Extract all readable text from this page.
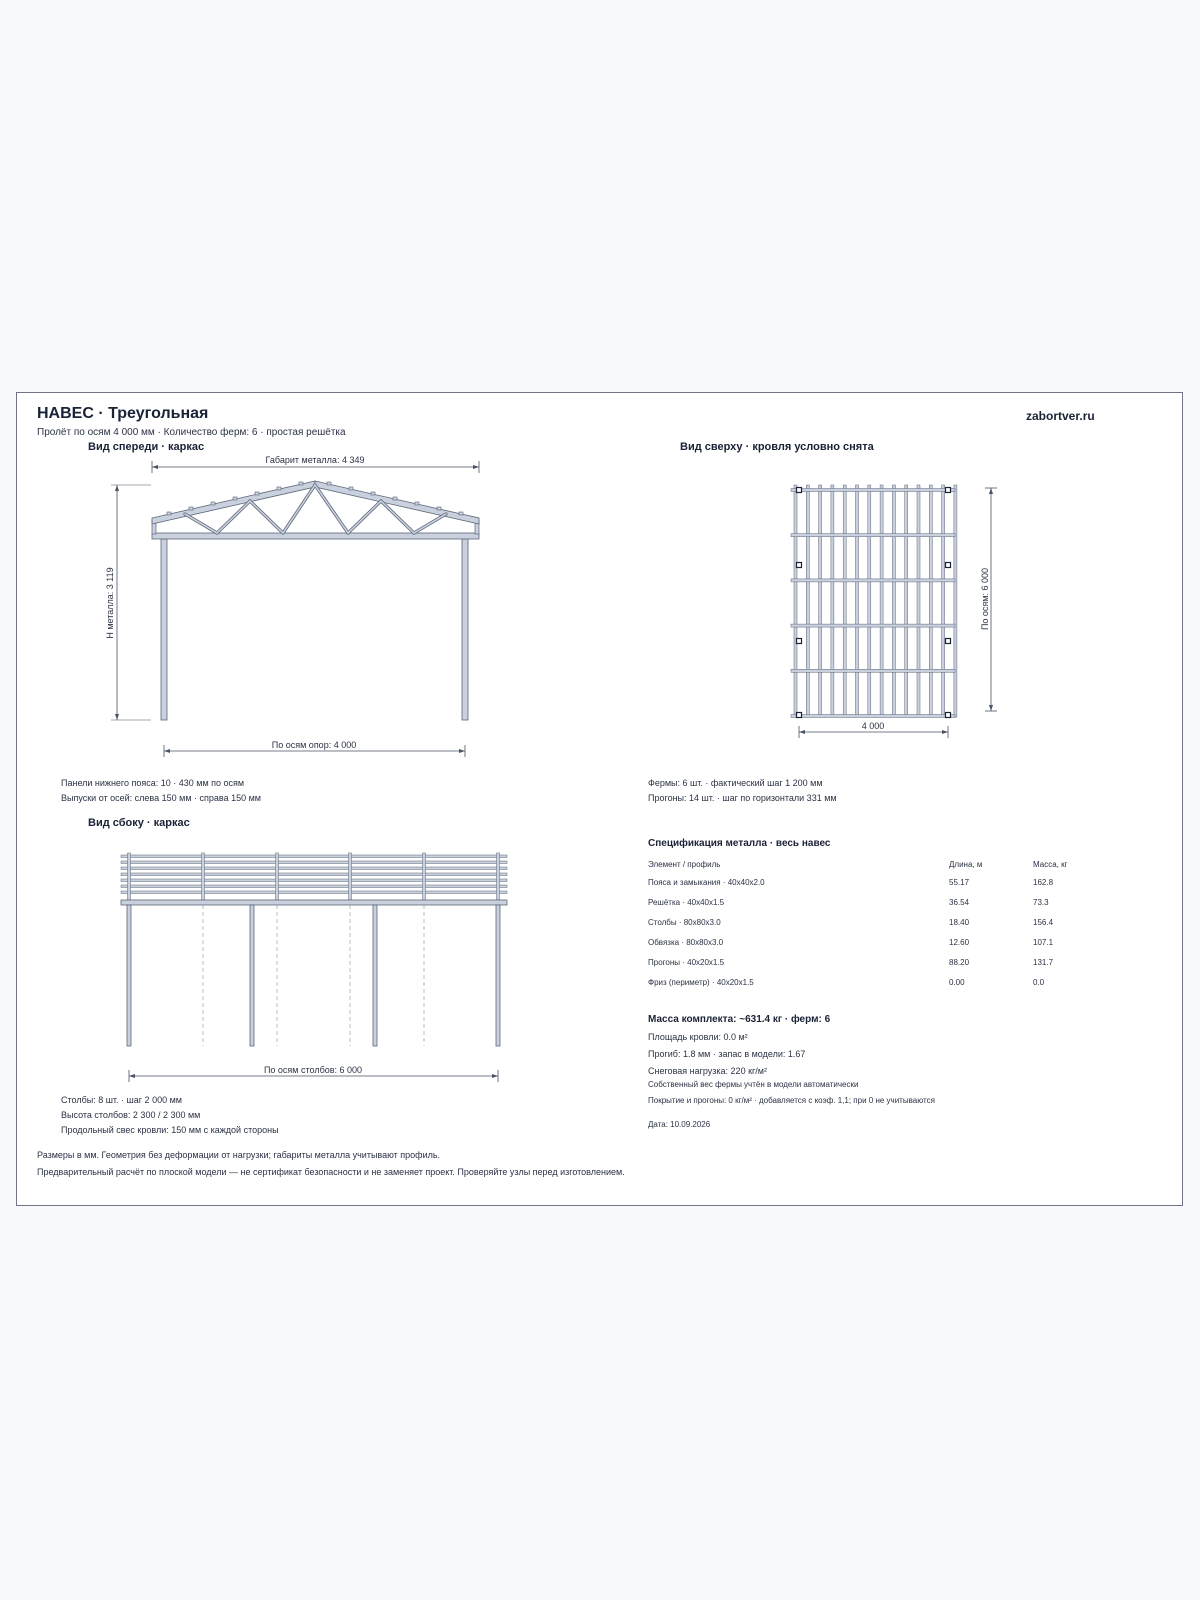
НАВЕС · Треугольная	zabortver.ru
Пролёт по осям 4 000 мм · Количество ферм: 6 · простая решётка
Вид спереди · каркас
Габарит металла: 4 349
H металла: 3 119
По осям опор: 4 000
4 000
По осям: 6 000
По осям столбов: 6 000
Вид сверху · кровля условно снята
Панели нижнего пояса: 10 · 430 мм по осям
Выпуски от осей: слева 150 мм · справа 150 мм
Фермы: 6 шт. · фактический шаг 1 200 мм
Прогоны: 14 шт. · шаг по горизонтали 331 мм
Вид сбоку · каркас
Столбы: 8 шт. · шаг 2 000 мм
Высота столбов: 2 300 / 2 300 мм
Продольный свес кровли: 150 мм с каждой стороны
Спецификация металла · весь навес
Элемент / профиль	Длина, м	Масса, кг
Пояса и замыкания · 40x40x2.0	55.17	162.8
Решётка · 40x40x1.5	36.54	73.3
Столбы · 80x80x3.0	18.40	156.4
Обвязка · 80x80x3.0	12.60	107.1
Прогоны · 40x20x1.5	88.20	131.7
Фриз (периметр) · 40x20x1.5	0.00	0.0
Масса комплекта: ~631.4 кг · ферм: 6
Площадь кровли: 0.0 м²
Прогиб: 1.8 мм · запас в модели: 1.67
Снеговая нагрузка: 220 кг/м²
Собственный вес фермы учтён в модели автоматически
Покрытие и прогоны: 0 кг/м² · добавляется с коэф. 1,1; при 0 не учитываются
Дата: 10.09.2026
Размеры в мм. Геометрия без деформации от нагрузки; габариты металла учитывают профиль.
Предварительный расчёт по плоской модели — не сертификат безопасности и не заменяет проект. Проверяйте узлы перед изготовлением.
